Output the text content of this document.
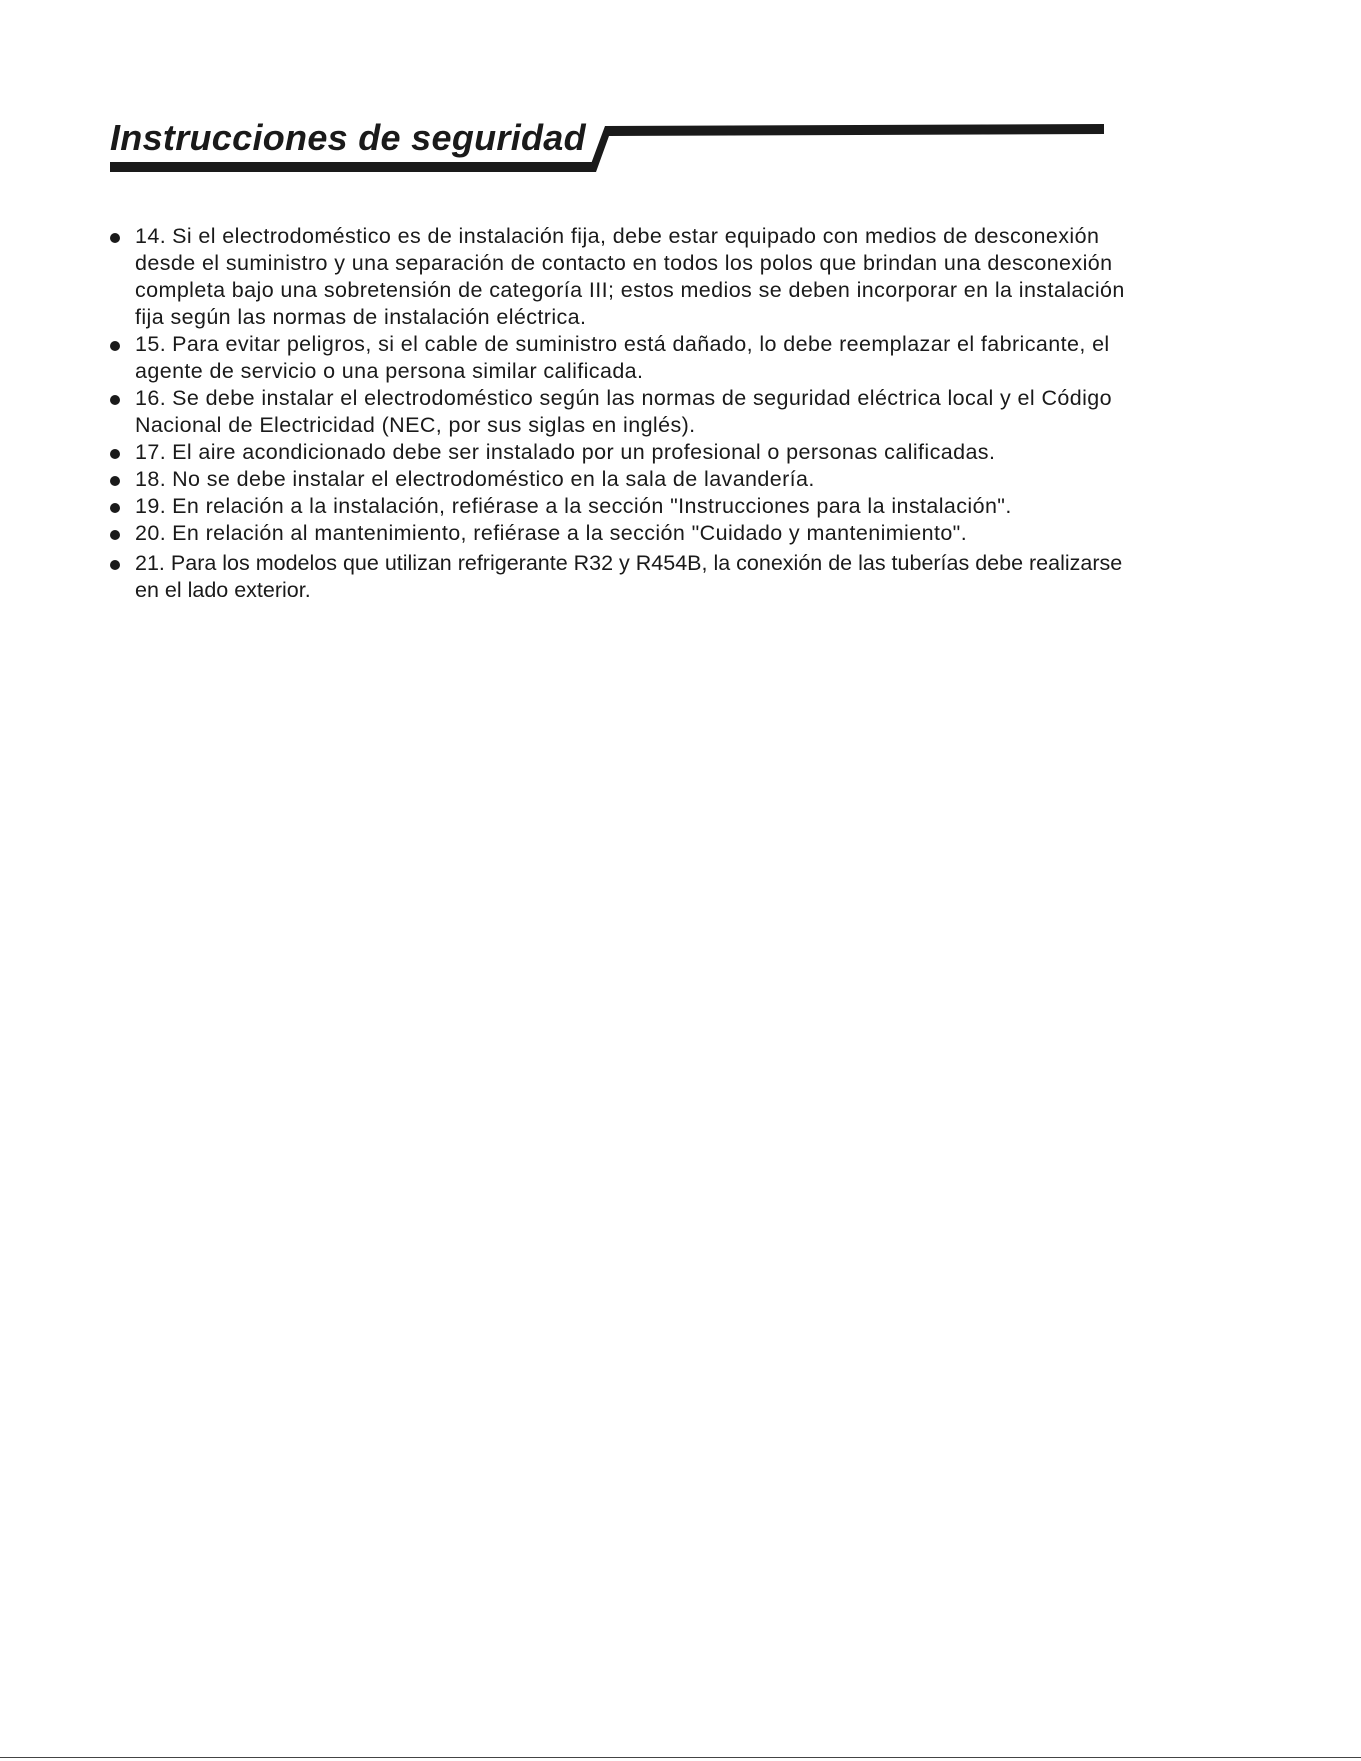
Instrucciones de seguridad
14. Si el electrodoméstico es de instalación fija, debe estar equipado con medios de desconexión desde el suministro y una separación de contacto en todos los polos que brindan una desconexión completa bajo una sobretensión de categoría III; estos medios se deben incorporar en la instalación fija según las normas de instalación eléctrica.
15. Para evitar peligros, si el cable de suministro está dañado, lo debe reemplazar el fabricante, el agente de servicio o una persona similar calificada.
16. Se debe instalar el electrodoméstico según las normas de seguridad eléctrica local y el Código Nacional de Electricidad (NEC, por sus siglas en inglés).
17. El aire acondicionado debe ser instalado por un profesional o personas calificadas.
18. No se debe instalar el electrodoméstico en la sala de lavandería.
19. En relación a la instalación, refiérase a la sección "Instrucciones para la instalación".
20. En relación al mantenimiento, refiérase a la sección "Cuidado y mantenimiento".
21. Para los modelos que utilizan refrigerante R32 y R454B, la conexión de las tuberías debe realizarse en el lado exterior.
